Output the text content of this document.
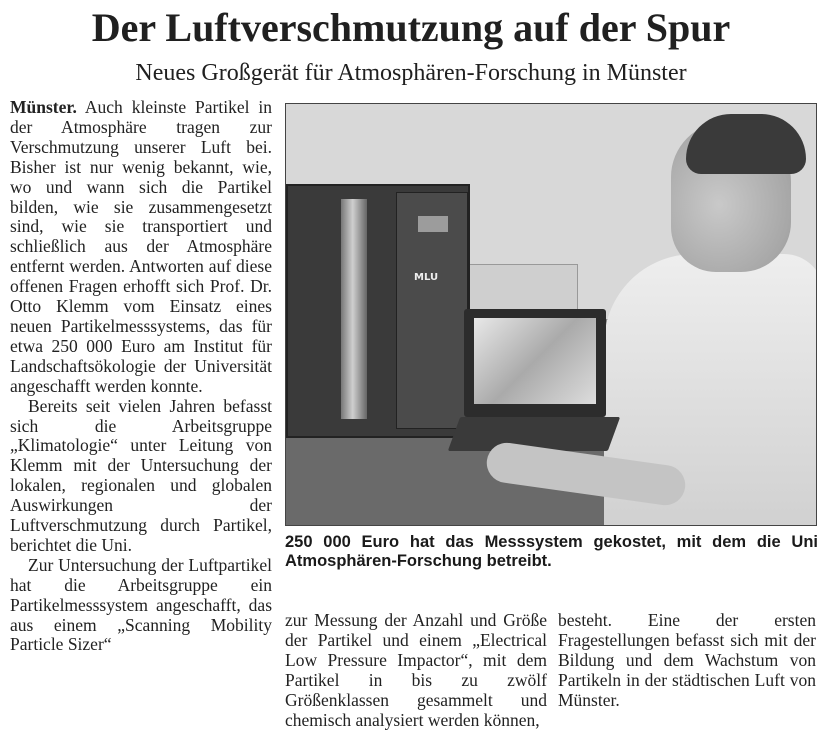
Der Luftverschmutzung auf der Spur
Neues Großgerät für Atmosphären-Forschung in Münster

Münster. Auch kleinste Partikel in der Atmosphäre tragen zur Verschmutzung unserer Luft bei. Bisher ist nur wenig bekannt, wie, wo und wann sich die Partikel bilden, wie sie zusammengesetzt sind, wie sie transportiert und schließlich aus der Atmosphäre entfernt werden. Antworten auf diese offenen Fragen erhofft sich Prof. Dr. Otto Klemm vom Einsatz eines neuen Partikelmesssystems, das für etwa 250 000 Euro am Institut für Landschaftsökologie der Universität angeschafft werden konnte.

Bereits seit vielen Jahren befasst sich die Arbeitsgruppe „Klimatologie“ unter Leitung von Klemm mit der Untersuchung der lokalen, regionalen und globalen Auswirkungen der Luftverschmutzung durch Partikel, berichtet die Uni.

Zur Untersuchung der Luftpartikel hat die Arbeitsgruppe ein Partikelmesssystem angeschafft, das aus einem „Scanning Mobility Particle Sizer“

MLU
250 000 Euro hat das Messsystem gekostet, mit dem die Uni Atmosphären-Forschung betreibt.

zur Messung der Anzahl und Größe der Partikel und einem „Electrical Low Pressure Impactor“, mit dem Partikel in bis zu zwölf Größenklassen gesammelt und chemisch analysiert werden können,

besteht. Eine der ersten Fragestellungen befasst sich mit der Bildung und dem Wachstum von Partikeln in der städtischen Luft von Münster.
